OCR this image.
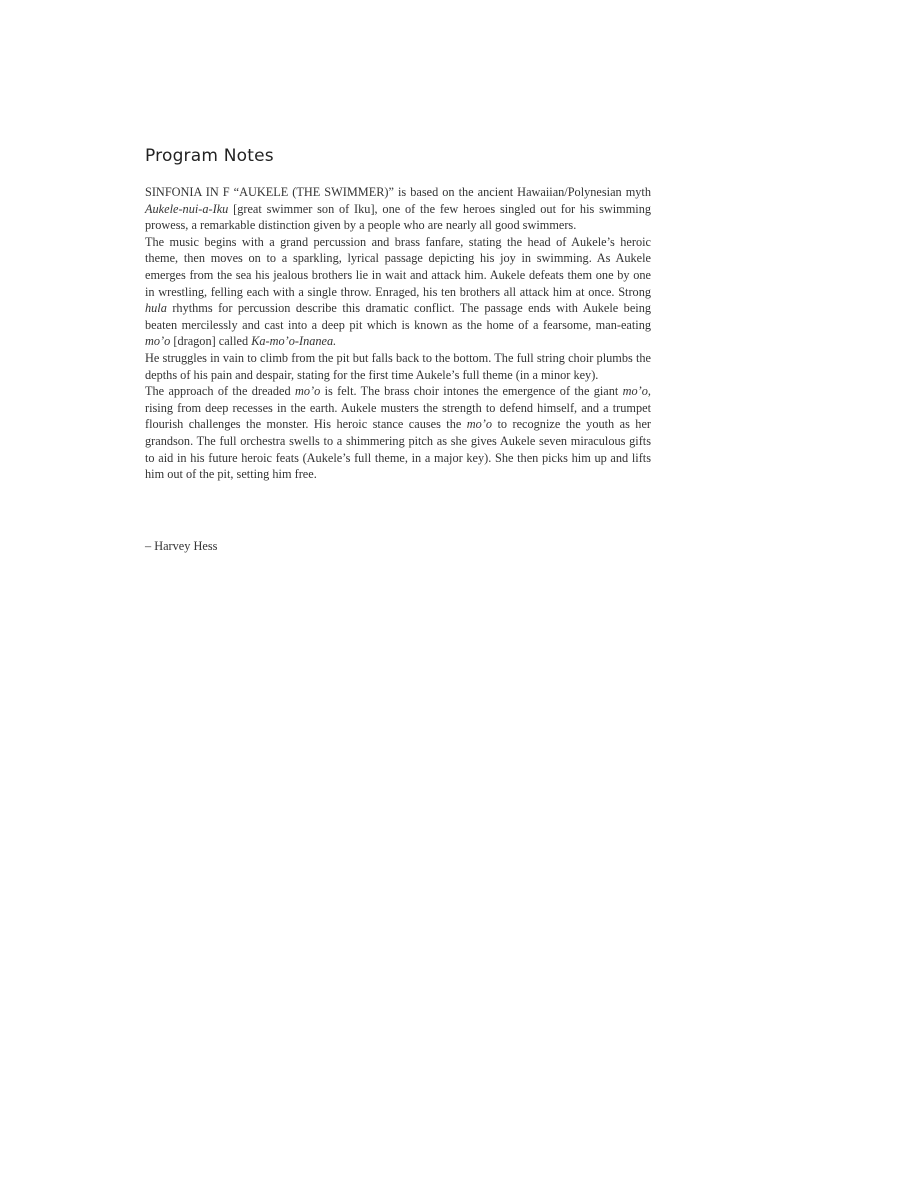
Program Notes

SINFONIA IN F “AUKELE (THE SWIMMER)” is based on the ancient Hawaiian/Polynesian myth Aukele-nui-a-Iku [great swimmer son of Iku], one of the few heroes singled out for his swimming prowess, a remarkable distinction given by a people who are nearly all good swimmers.

The music begins with a grand percussion and brass fanfare, stating the head of Aukele’s heroic theme, then moves on to a sparkling, lyrical passage depicting his joy in swimming. As Aukele emerges from the sea his jealous brothers lie in wait and attack him. Aukele defeats them one by one in wrestling, felling each with a single throw. Enraged, his ten brothers all attack him at once. Strong hula rhythms for percussion describe this dramatic conflict. The passage ends with Aukele being beaten mercilessly and cast into a deep pit which is known as the home of a fearsome, man-eating mo’o [dragon] called Ka-mo’o-Inanea.

He struggles in vain to climb from the pit but falls back to the bottom. The full string choir plumbs the depths of his pain and despair, stating for the first time Aukele’s full theme (in a minor key).

The approach of the dreaded mo’o is felt. The brass choir intones the emergence of the giant mo’o, rising from deep recesses in the earth. Aukele musters the strength to defend himself, and a trumpet flourish challenges the monster. His heroic stance causes the mo’o to recognize the youth as her grandson. The full orchestra swells to a shimmering pitch as she gives Aukele seven miraculous gifts to aid in his future heroic feats (Aukele’s full theme, in a major key). She then picks him up and lifts him out of the pit, setting him free.

– Harvey Hess
